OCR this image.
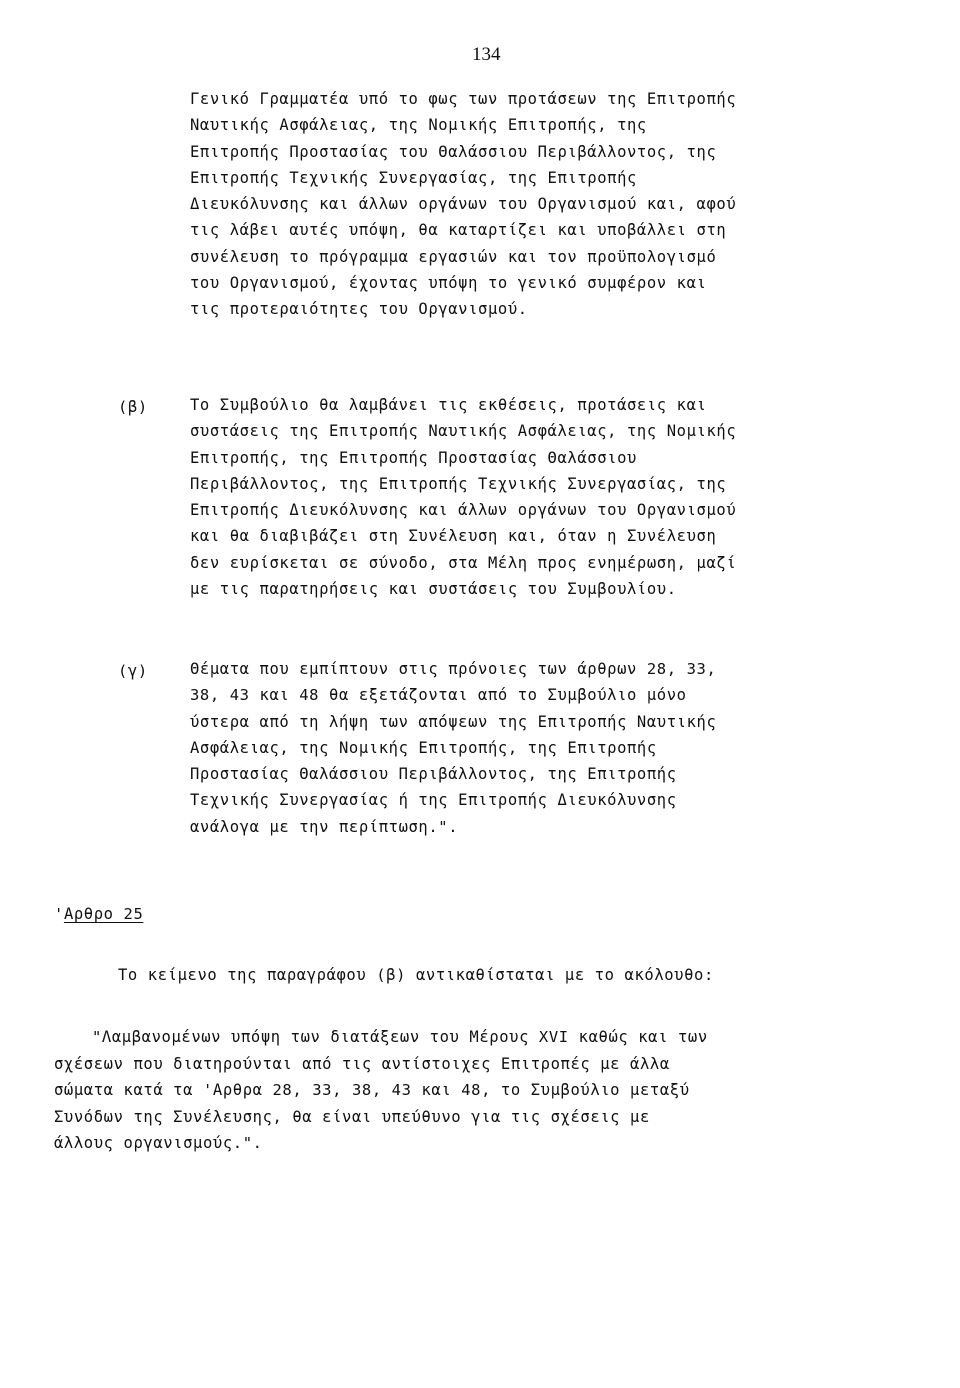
134
Γενικό Γραμματέα υπό το φως των προτάσεων της Επιτροπής
Ναυτικής Ασφάλειας, της Νομικής Επιτροπής, της
Επιτροπής Προστασίας του Θαλάσσιου Περιβάλλοντος, της
Επιτροπής Τεχνικής Συνεργασίας, της Επιτροπής
Διευκόλυνσης και άλλων οργάνων του Οργανισμού και, αφού
τις λάβει αυτές υπόψη, θα καταρτίζει και υποβάλλει στη
συνέλευση το πρόγραμμα εργασιών και τον προϋπολογισμό
του Οργανισμού, έχοντας υπόψη το γενικό συμφέρον και
τις προτεραιότητες του Οργανισμού.
(β)	Το Συμβούλιο θα λαμβάνει τις εκθέσεις, προτάσεις και
συστάσεις της Επιτροπής Ναυτικής Ασφάλειας, της Νομικής
Επιτροπής, της Επιτροπής Προστασίας Θαλάσσιου
Περιβάλλοντος, της Επιτροπής Τεχνικής Συνεργασίας, της
Επιτροπής Διευκόλυνσης και άλλων οργάνων του Οργανισμού
και θα διαβιβάζει στη Συνέλευση και, όταν η Συνέλευση
δεν ευρίσκεται σε σύνοδο, στα Μέλη προς ενημέρωση, μαζί
με τις παρατηρήσεις και συστάσεις του Συμβουλίου.
(γ)	Θέματα που εμπίπτουν στις πρόνοιες των άρθρων 28, 33,
38, 43 και 48 θα εξετάζονται από το Συμβούλιο μόνο
ύστερα από τη λήψη των απόψεων της Επιτροπής Ναυτικής
Ασφάλειας, της Νομικής Επιτροπής, της Επιτροπής
Προστασίας Θαλάσσιου Περιβάλλοντος, της Επιτροπής
Τεχνικής Συνεργασίας ή της Επιτροπής Διευκόλυνσης
ανάλογα με την περίπτωση.".
'Αρθρο 25
Το κείμενο της παραγράφου (β) αντικαθίσταται με το ακόλουθο:
"Λαμβανομένων υπόψη των διατάξεων του Μέρους XVI καθώς και των
σχέσεων που διατηρούνται από τις αντίστοιχες Επιτροπές με άλλα
σώματα κατά τα 'Αρθρα 28, 33, 38, 43 και 48, το Συμβούλιο μεταξύ
Συνόδων της Συνέλευσης, θα είναι υπεύθυνο για τις σχέσεις με
άλλους οργανισμούς.".
